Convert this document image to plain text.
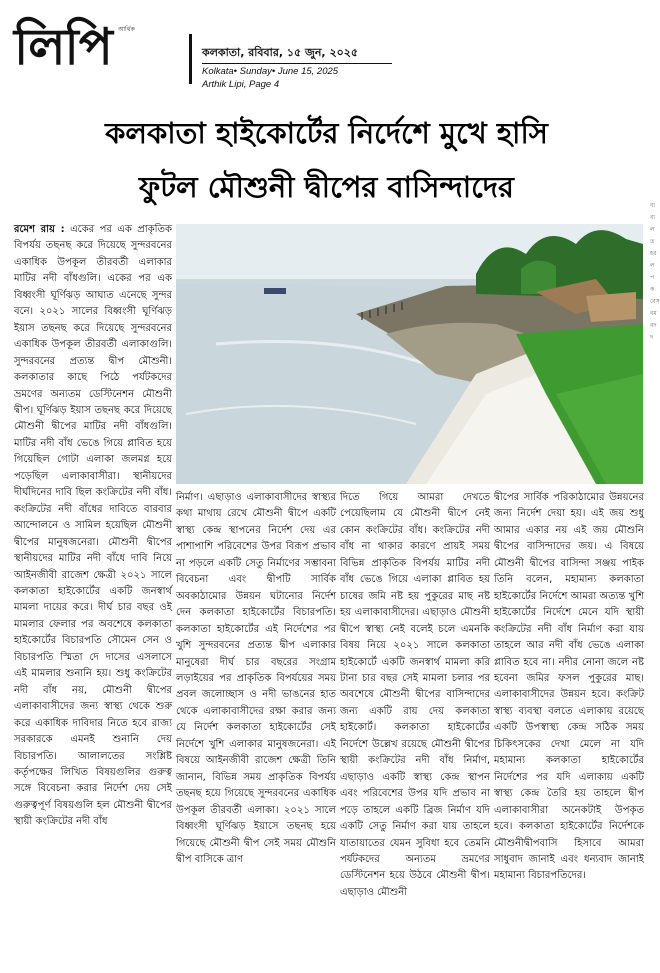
লিপি আর্থিক
কলকাতা, রবিবার, ১৫ জুন, ২০২৫
Kolkata• Sunday• June 15, 2025
Arthik Lipi, Page 4
কলকাতা হাইকোর্টের নির্দেশে মুখে হাসি
ফুটল মৌশুনী দ্বীপের বাসিন্দাদের

রমেশ রায় : একের পর এক প্রাকৃতিক বিপর্যয় তছনছ করে দিয়েছে সুন্দরবনের একাধিক উপকূল তীরবর্তী এলাকার মাটির নদী বাঁধগুলি। একের পর এক বিধ্বংসী ঘূর্ণিঝড় আঘাত এনেছে সুন্দর বনে। ২০২১ সালের বিধ্বংসী ঘূর্ণিঝড় ইয়াস তছনছ করে দিয়েছে সুন্দরবনের একাধিক উপকূল তীরবর্তী এলাকাগুলি। সুন্দরবনের প্রত্যন্ত দ্বীপ মৌশুনী। কলকাতার কাছে পিঠে পর্যটকদের ভ্রমণের অন্যতম ডেস্টিনেশন মৌশুনী দ্বীপ। ঘূর্ণিঝড় ইয়াস তছনছ করে দিয়েছে মৌশুনী দ্বীপের মাটির নদী বাঁধগুলি। মাটির নদী বাঁধ ভেঙে গিয়ে প্লাবিত হয়ে গিয়েছিল গোটা এলাকা জলমগ্ন হয়ে পড়েছিল এলাকাবাসীরা। স্থানীয়দের দীর্ঘদিনের দাবি ছিল কংক্রিটের নদী বাঁধ। কংক্রিটের নদী বাঁধের দাবিতে বারবার আন্দোলনে ও সামিল হয়েছিল মৌশুনী দ্বীপের মানুষজনেরা। মৌশুনী দ্বীপের স্থানীয়দের মাটির নদী বাঁধে দাবি নিয়ে আইনজীবী রাজেশ ক্ষেত্রী ২০২১ সালে কলকাতা হাইকোর্টের একটি জনস্বার্থ মামলা দায়ের করে। দীর্ঘ চার বছর ওই মামলার ফেলার পর অবশেষে কলকাতা হাইকোর্টের বিচারপতি সৌমেন সেন ও বিচারপতি স্মিতা দে দাসের এসলাসে এই মামলার শুনানি হয়। শুধু কংক্রিটের নদী বাঁধ নয়, মৌশুনী দ্বীপের এলাকাবাসীদের জন্য স্বাস্থ্য থেকে শুরু করে একাধিক দাবিদার নিতে হবে রাজ্য সরকারকে এমনই শুনানি দেয় বিচারপতি। আলালতের সংশ্লিষ্ট কর্তৃপক্ষের লিখিত বিষয়গুলির গুরুত্ব সঙ্গে বিবেচনা করার নির্দেশ দেয় সেই গুরুত্বপূর্ণ বিষয়গুলি হল মৌশুনী দ্বীপের স্থায়ী কংক্রিটের নদী বাঁধ

নির্মাণ। এছাড়াও এলাকাবাসীদের স্বাস্থ্যর কথা মাথায় রেখে মৌশুনী দ্বীপে একটি স্বাস্থ্য কেন্দ্র স্থাপনের নির্দেশ দেয় এর পাশাপাশি পরিবেশের উপর বিরূপ প্রভাব না পড়লে একটি সেতু নির্মাণের সম্ভাবনা বিবেচনা এবং দ্বীপটি সার্বিক অবকাঠামোর উন্নয়ন ঘটানোর নির্দেশ দেন কলকাতা হাইকোর্টের বিচারপতি। কলকাতা হাইকোর্টের এই নির্দেশের পর খুশি সুন্দরবনের প্রত্যন্ত দ্বীপ এলাকার মানুষেরা দীর্ঘ চার বছরের সংগ্রাম লড়াইয়ের পর প্রাকৃতিক বিপর্যয়ের সময় প্রবল জলোচ্ছাস ও নদী ভাঙনের হাত থেকে এলাকাবাসীদের রক্ষা করার জন্য যে নির্দেশ কলকাতা হাইকোর্টের সেই নির্দেশে খুশি এলাকার মানুষজনেরা। এই বিষয়ে আইনজীবী রাজেশ ক্ষেত্রী তিনি জানান, বিভিন্ন সময় প্রাকৃতিক বিপর্যয় তছনছ হয়ে গিয়েছে সুন্দরবনের একাধিক উপকূল তীরবর্তী এলাকা। ২০২১ সালে বিধ্বংসী ঘূর্ণিঝড় ইয়াসে তছনছ হয়ে গিয়েছে মৌশুনী দ্বীপ সেই সময় মৌশুনি দ্বীপ বাসিকে ত্রাণ

দিতে গিয়ে আমরা দেখতে পেয়েছিলাম যে মৌশুনী দ্বীপে নেই কোন কংক্রিটের বাঁধ। কংক্রিটের নদী বাঁধ না থাকার কারণে প্রায়ই সময় বিভিন্ন প্রাকৃতিক বিপর্যয় মাটির নদী বাঁধ ভেঙে গিয়ে এলাকা প্লাবিত হয় চাষের জমি নষ্ট হয় পুকুরের মাছ নষ্ট হয় এলাকাবাসীদের। এছাড়াও মৌশুনী দ্বীপে স্বাস্থ্য নেই বলেই চলে এমনকি বিষয় নিয়ে ২০২১ সালে কলকাতা হাইকোর্টে একটি জনস্বার্থ মামলা করি টানা চার বছর সেই মামলা চলার পর অবশেষে মৌশুনী দ্বীপের বাসিন্দাদের জন্য একটি রায় দেয় কলকাতা হাইকোর্ট। কলকাতা হাইকোর্টের নির্দেশে উল্লেখ রয়েছে মৌশুনী দ্বীপের স্থায়ী কংক্রিটের নদী বাঁধ নির্মাণ, এছাড়াও একটি স্বাস্থ্য কেন্দ্র স্থাপন এবং পরিবেশের উপর যদি প্রভাব না পড়ে তাহলে একটি ব্রিজ নির্মাণ যদি একটি সেতু নির্মাণ করা যায় তাহলে যাতায়াতের যেমন সুবিধা হবে তেমনি পর্যটকদের অন্যতম ভ্রমণের ডেস্টিনেশন হয়ে উঠবে মৌশুনী দ্বীপ। এছাড়াও মৌশুনী

দ্বীপের সার্বিক পরিকাঠামোর উন্নয়নের জন্য নির্দেশ দেয়া হয়। এই জয় শুধু আমার একার নয় এই জয় মৌশুনি দ্বীপের বাসিন্দাদের জয়। এ বিষয়ে মৌশুনী দ্বীপের বাসিন্দা সঞ্জয় পাইক তিনি বলেন, মহামান্য কলকাতা হাইকোর্টের নির্দেশে আমরা অত্যন্ত খুশি হাইকোর্টের নির্দেশে মেনে যদি স্থায়ী কংক্রিটের নদী বাঁধ নির্মাণ করা যায় তাহলে আর নদী বাঁধ ভেঙে এলাকা প্লাবিত হবে না। নদীর নোনা জলে নষ্ট হবেনা জমির ফসল পুকুরের মাছ। এলাকাবাসীদের উন্নয়ন হবে। কংক্রিট স্বাস্থ্য ব্যবস্থা বলতে এলাকায় রয়েছে একটি উপস্বাস্থ্য কেন্দ্র সঠিক সময় চিকিৎসকের দেখা মেলে না যদি মহামান্য কলকাতা হাইকোর্টের নির্দেশের পর যদি এলাকায় একটি স্বাস্থ্য কেন্দ্র তৈরি হয় তাহলে দ্বীপ এলাকাবাসীরা অনেকটাই উপকৃত হবে। কলকাতা হাইকোর্টের নির্দেশকে মৌশুনীদ্বীপবাসি হিসাবে আমরা সাধুবাদ জানাই এবং ধন্যবাদ জানাই মহামান্য বিচারপতিদের।

ব্যব্যলতহরলপকবেসবমবদদ
